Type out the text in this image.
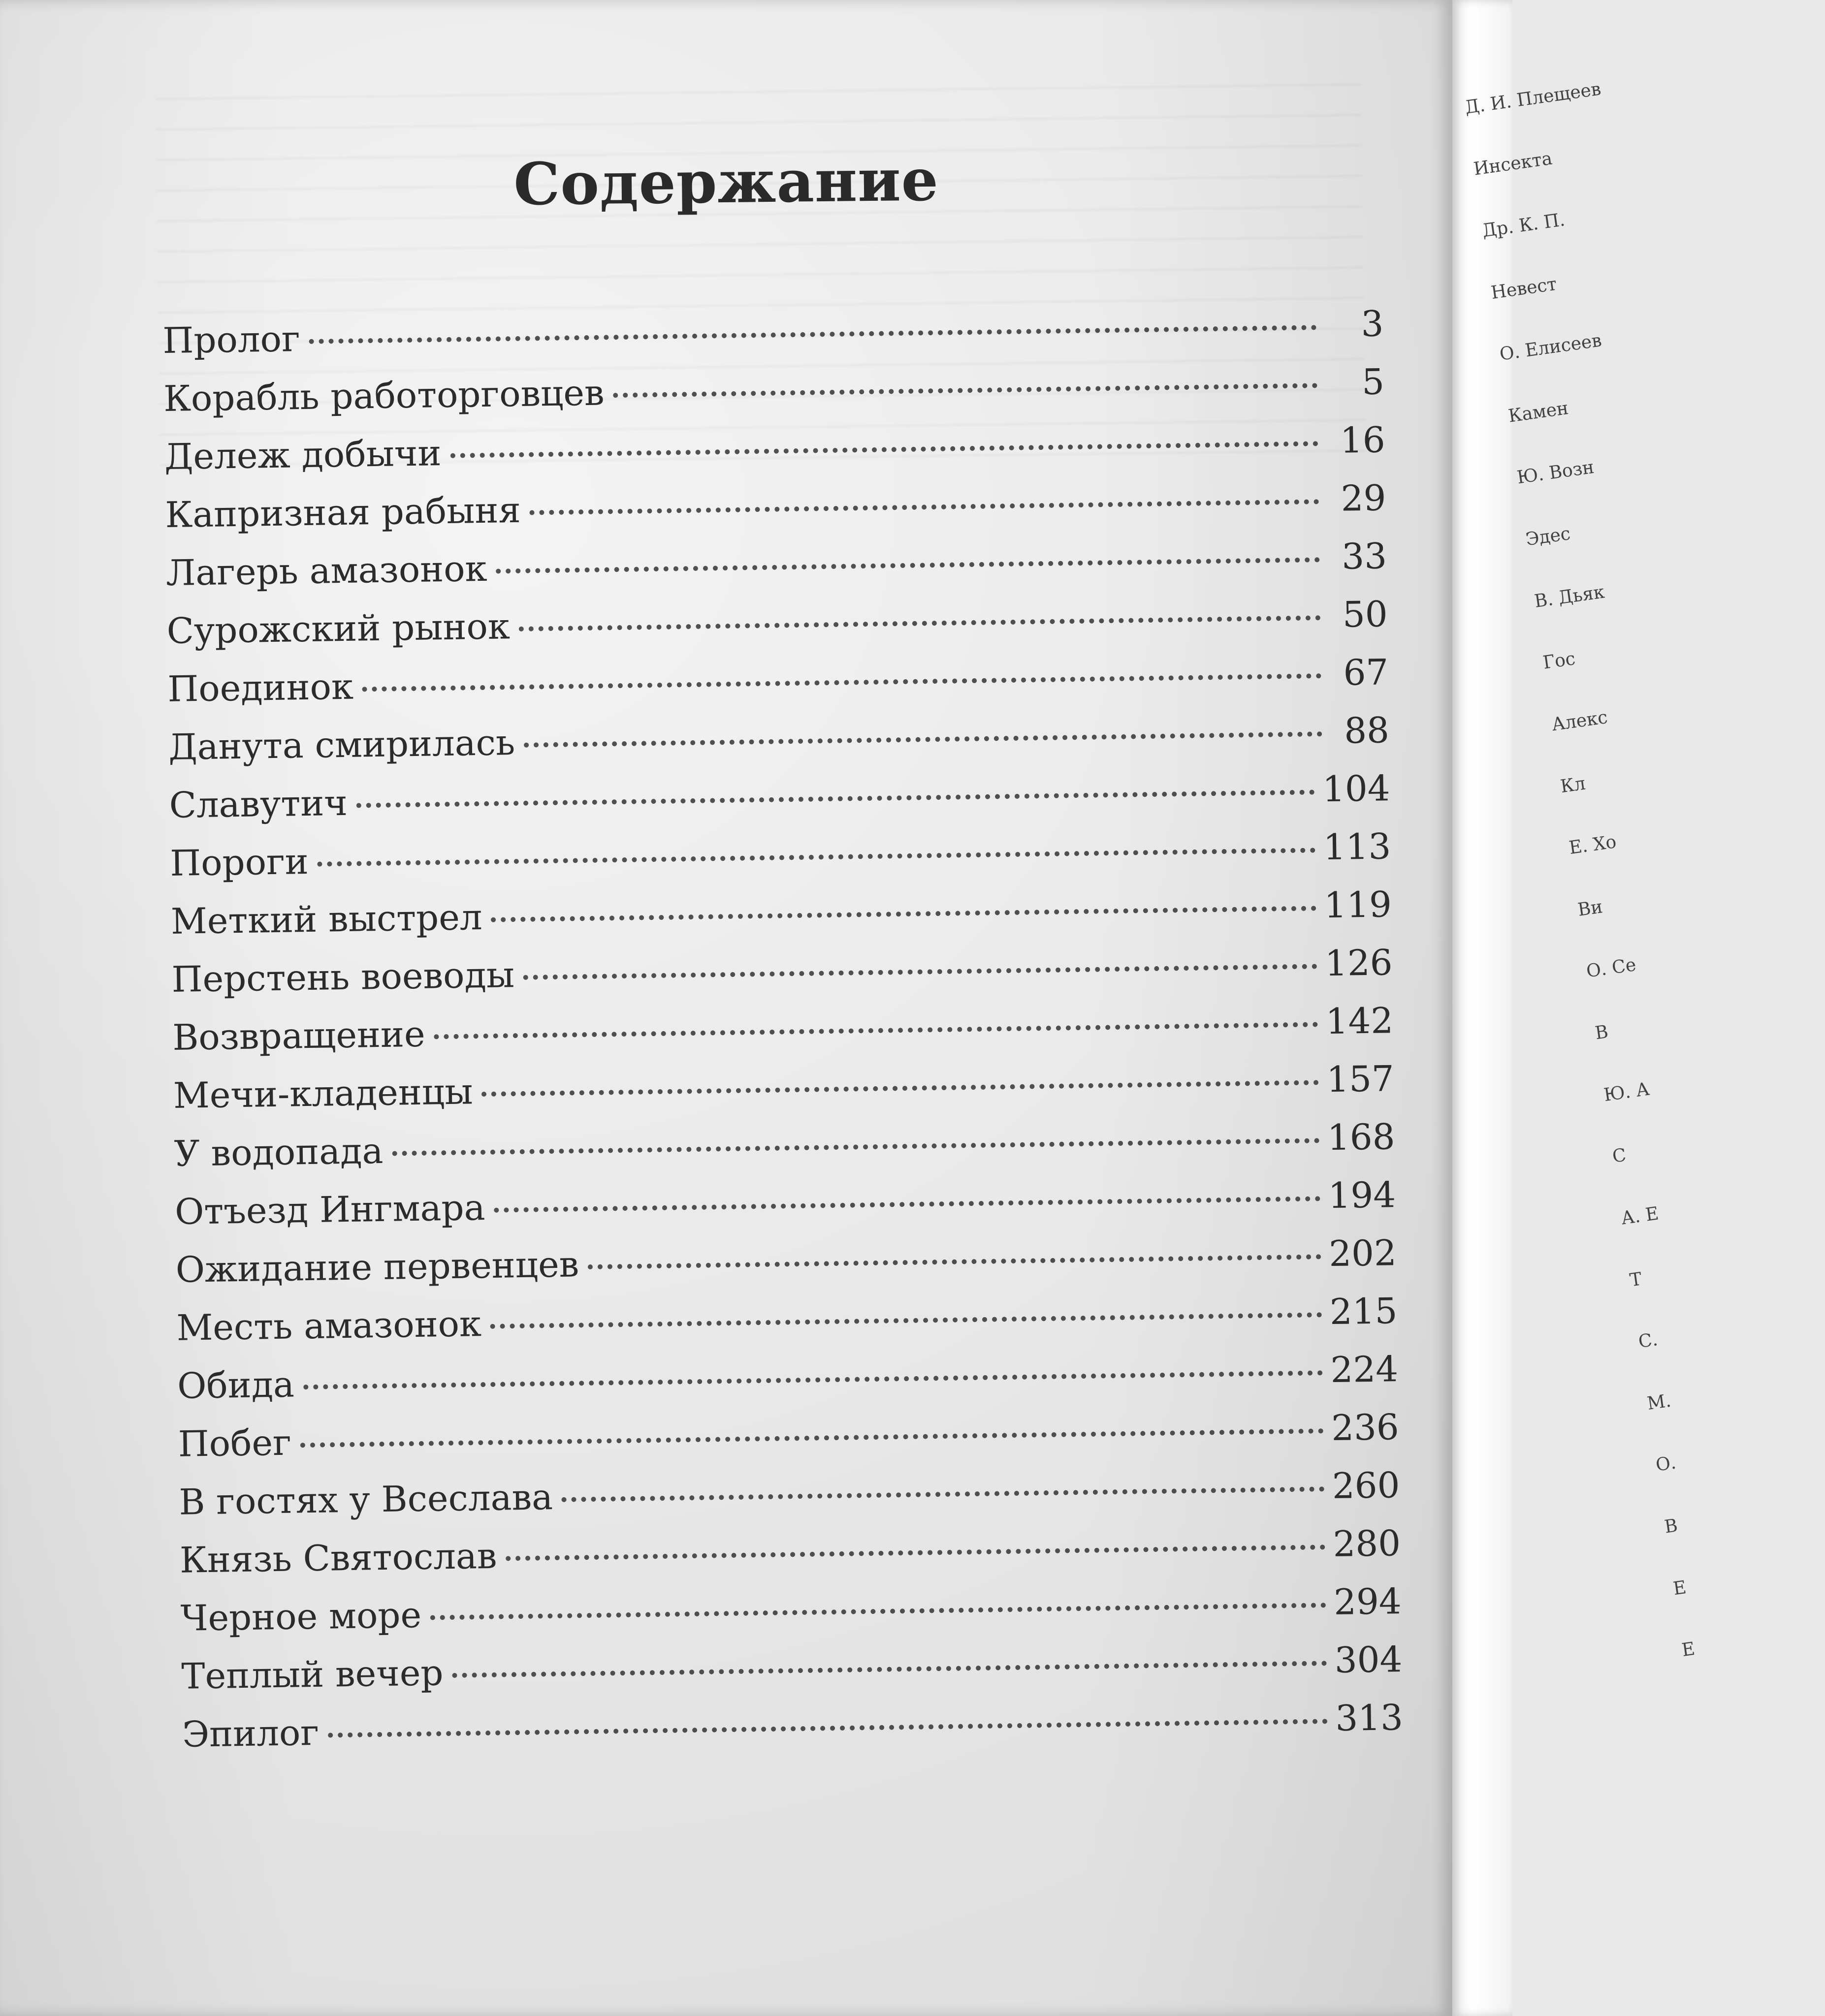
Содержание
Пролог	3
Корабль работорговцев	5
Дележ добычи	16
Капризная рабыня	29
Лагерь амазонок	33
Сурожский рынок	50
Поединок	67
Данута смирилась	88
Славутич	104
Пороги	113
Меткий выстрел	119
Перстень воеводы	126
Возвращение	142
Мечи-кладенцы	157
У водопада	168
Отъезд Ингмара	194
Ожидание первенцев	202
Месть амазонок	215
Обида	224
Побег	236
В гостях у Всеслава	260
Князь Святослав	280
Черное море	294
Теплый вечер	304
Эпилог	313

Д. И. Плещеев

Инсекта

Др. К. П.

Невест

О. Елисеев

Камен

Ю. Возн

Эдес

В. Дьяк

Гос

Алекс

Кл

Е. Хо

Ви

О. Се

В

Ю. А

С

А. Е

Т

С.

М.

О.

В

Е

Е
